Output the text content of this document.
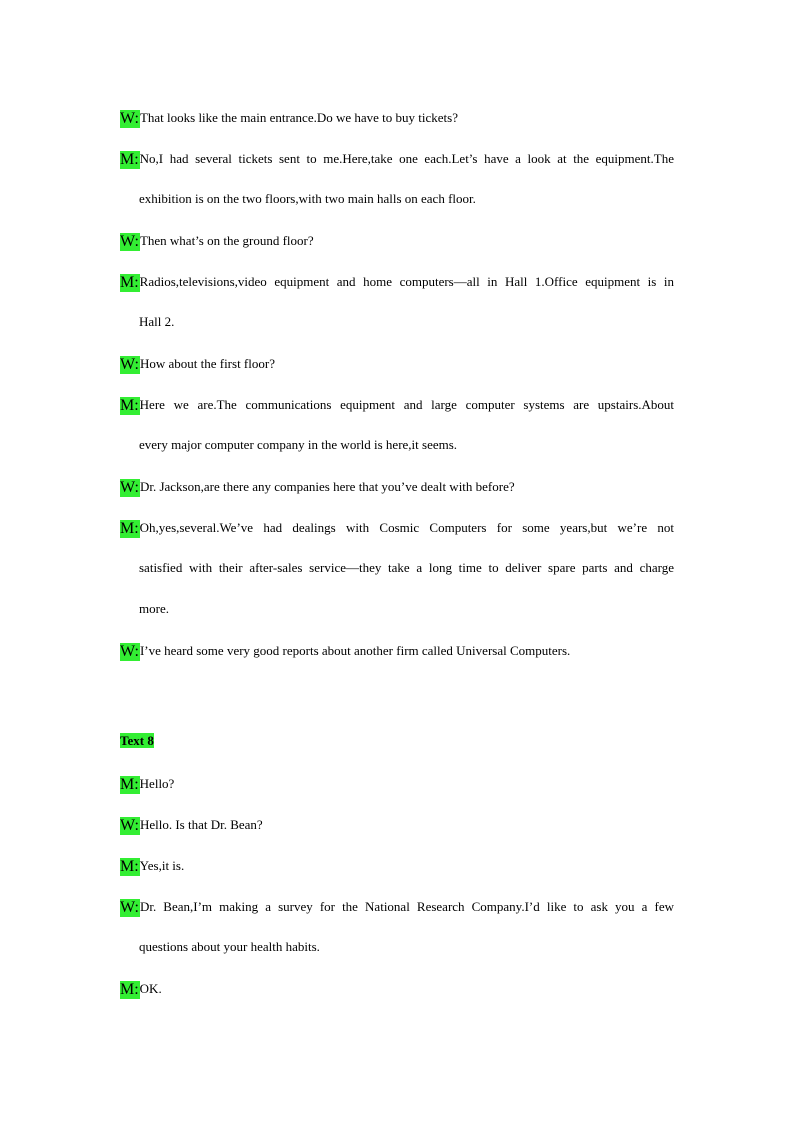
W:That looks like the main entrance.Do we have to buy tickets?
M:No,I had several tickets sent to me.Here,take one each.Let’s have a look at the equipment.The
exhibition is on the two floors,with two main halls on each floor.
W:Then what’s on the ground floor?
M:Radios,televisions,video equipment and home computers—all in Hall 1.Office equipment is in
Hall 2.
W:How about the first floor?
M:Here we are.The communications equipment and large computer systems are upstairs.About
every major computer company in the world is here,it seems.
W:Dr. Jackson,are there any companies here that you’ve dealt with before?
M:Oh,yes,several.We’ve had dealings with Cosmic Computers for some years,but we’re not
satisfied with their after-sales service—they take a long time to deliver spare parts and charge
more.
W:I’ve heard some very good reports about another firm called Universal Computers.
Text 8
M:Hello?
W:Hello. Is that Dr. Bean?
M:Yes,it is.
W:Dr. Bean,I’m making a survey for the National Research Company.I’d like to ask you a few
questions about your health habits.
M:OK.
